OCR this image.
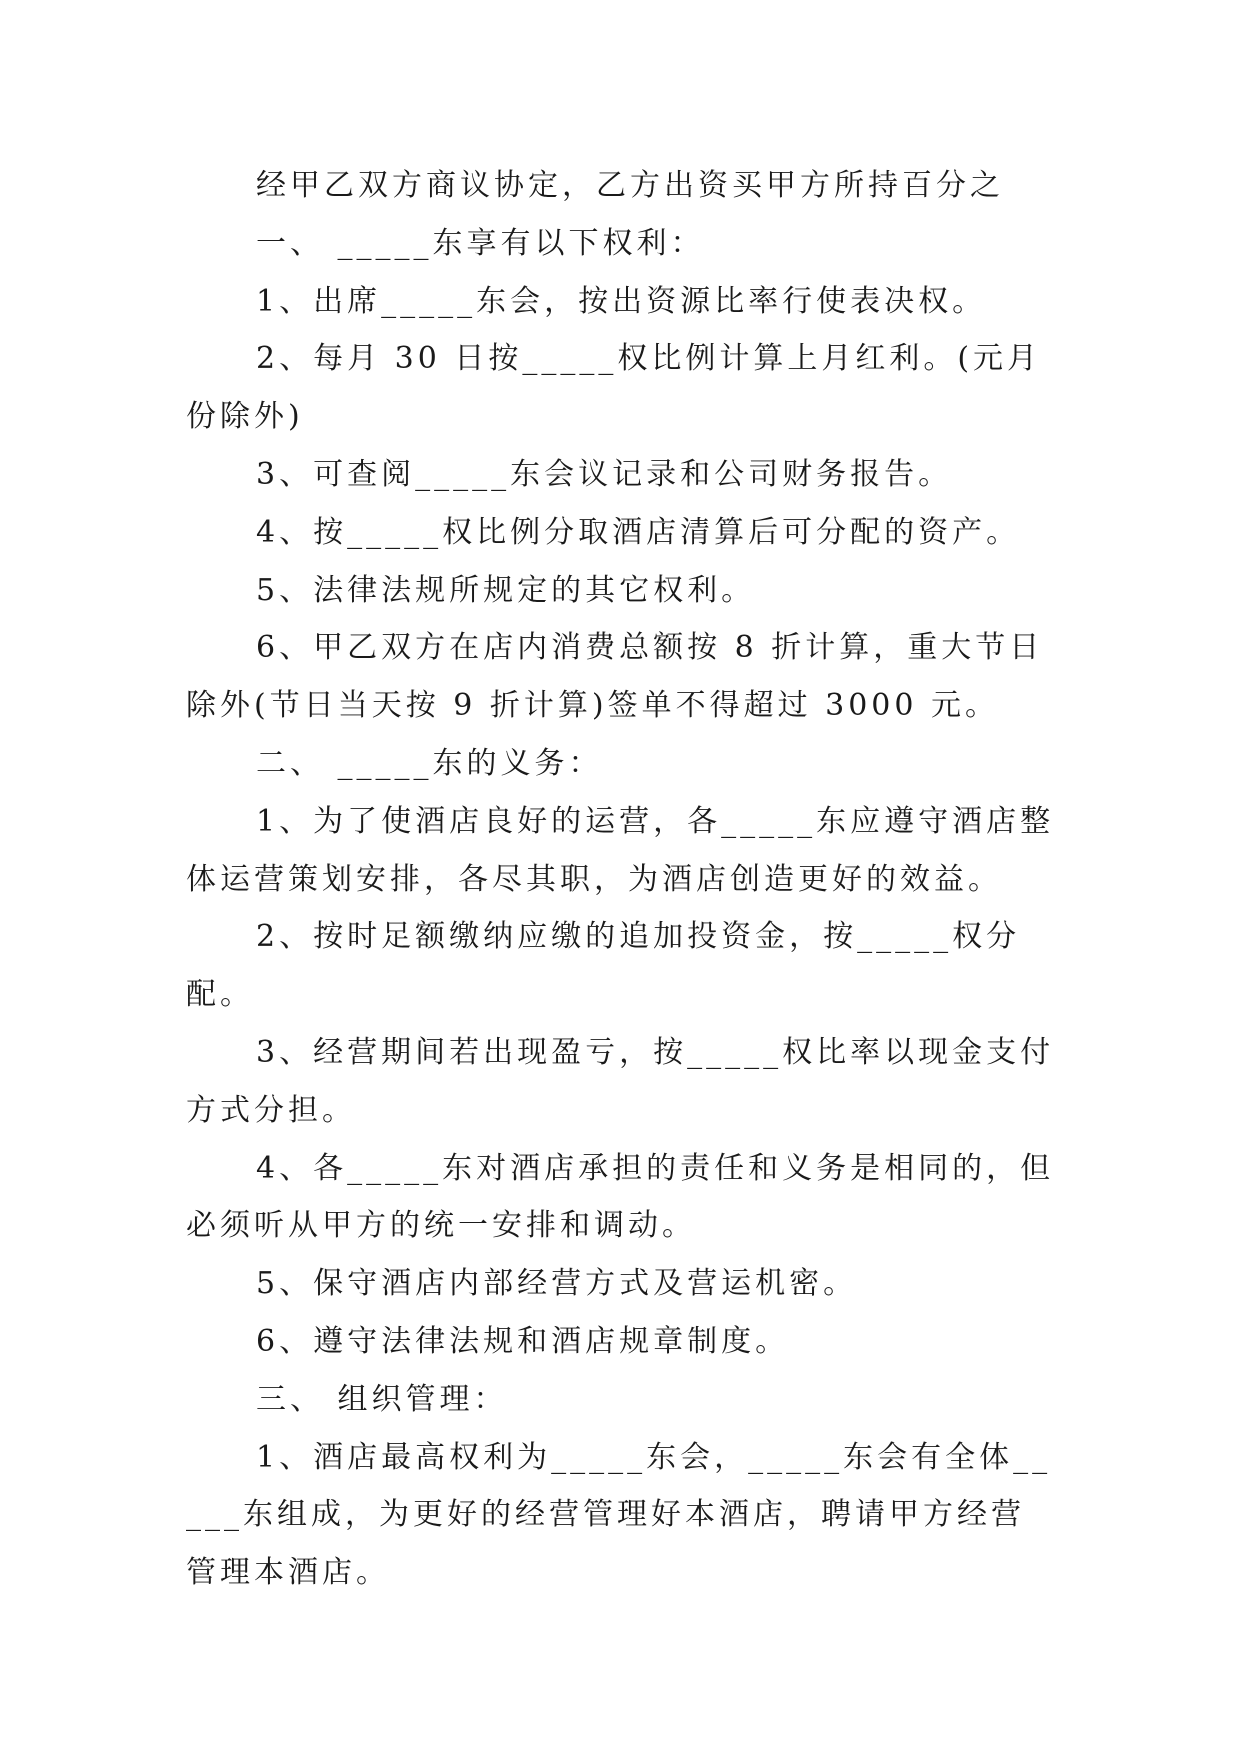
经甲乙双方商议协定，乙方出资买甲方所持百分之

一、 _____东享有以下权利：

1、出席_____东会，按出资源比率行使表决权。

2、每月 30 日按_____权比例计算上月红利。(元月份除外)

3、可查阅_____东会议记录和公司财务报告。

4、按_____权比例分取酒店清算后可分配的资产。

5、法律法规所规定的其它权利。

6、甲乙双方在店内消费总额按 8 折计算，重大节日除外(节日当天按 9 折计算)签单不得超过 3000 元。

二、 _____东的义务：

1、为了使酒店良好的运营，各_____东应遵守酒店整体运营策划安排，各尽其职，为酒店创造更好的效益。

2、按时足额缴纳应缴的追加投资金，按_____权分配。

3、经营期间若出现盈亏，按_____权比率以现金支付方式分担。

4、各_____东对酒店承担的责任和义务是相同的，但必须听从甲方的统一安排和调动。

5、保守酒店内部经营方式及营运机密。

6、遵守法律法规和酒店规章制度。

三、 组织管理：

1、酒店最高权利为_____东会，_____东会有全体_____东组成，为更好的经营管理好本酒店，聘请甲方经营管理本酒店。
